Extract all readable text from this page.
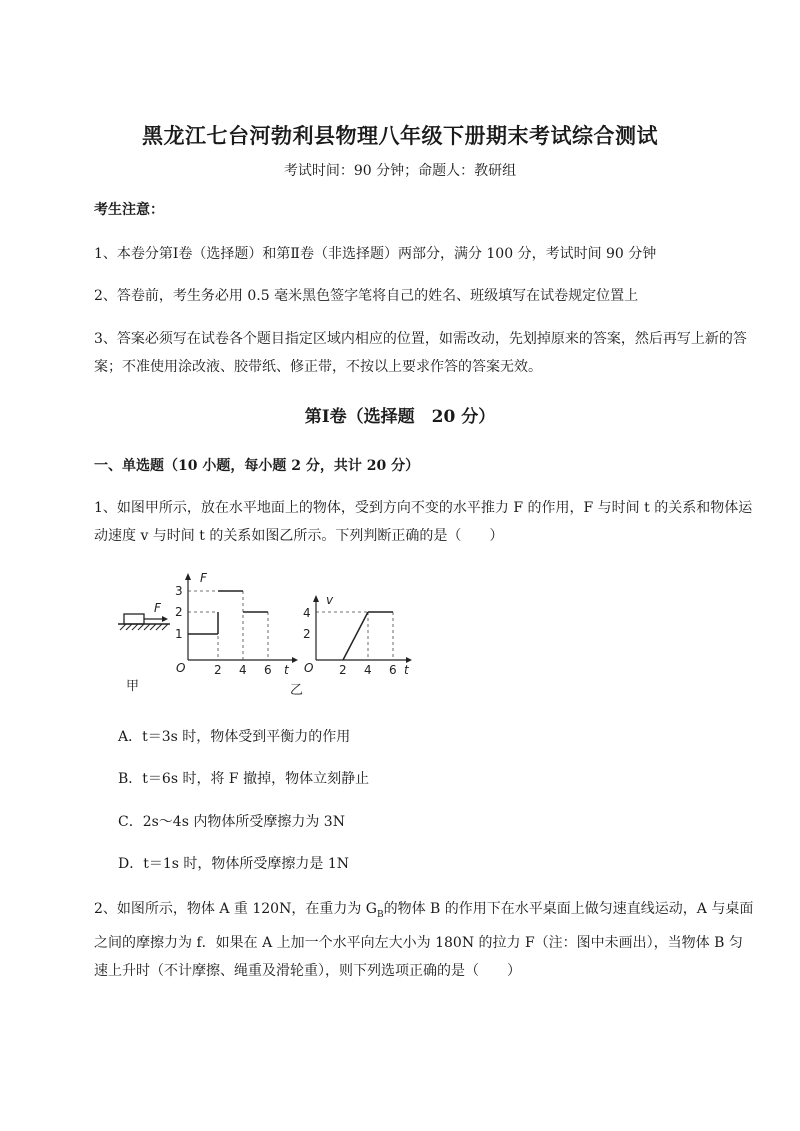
黑龙江七台河勃利县物理八年级下册期末考试综合测试
考试时间：90 分钟；命题人：教研组
考生注意：
1、本卷分第Ⅰ卷（选择题）和第Ⅱ卷（非选择题）两部分，满分 100 分，考试时间 90 分钟
2、答卷前，考生务必用 0.5 毫米黑色签字笔将自己的姓名、班级填写在试卷规定位置上
3、答案必须写在试卷各个题目指定区域内相应的位置，如需改动，先划掉原来的答案，然后再写上新的答案；不准使用涂改液、胶带纸、修正带，不按以上要求作答的答案无效。
第Ⅰ卷（选择题　20 分）
一、单选题（10 小题，每小题 2 分，共计 20 分）
1、如图甲所示，放在水平地面上的物体，受到方向不变的水平推力 F 的作用，F 与时间 t 的关系和物体运动速度 v 与时间 t 的关系如图乙所示。下列判断正确的是（　　）
F
甲
F
t
O
1
2
3
2 4 6
乙
v
t
O
2
4
2 4 6
A．t＝3s 时，物体受到平衡力的作用
B．t＝6s 时，将 F 撤掉，物体立刻静止
C．2s～4s 内物体所受摩擦力为 3N
D．t＝1s 时，物体所受摩擦力是 1N
2、如图所示，物体 A 重 120N，在重力为 $G_B$的物体 B 的作用下在水平桌面上做匀速直线运动，A 与桌面之间的摩擦力为 f．如果在 A 上加一个水平向左大小为 180N 的拉力 F（注：图中未画出），当物体 B 匀速上升时（不计摩擦、绳重及滑轮重），则下列选项正确的是（　　）
